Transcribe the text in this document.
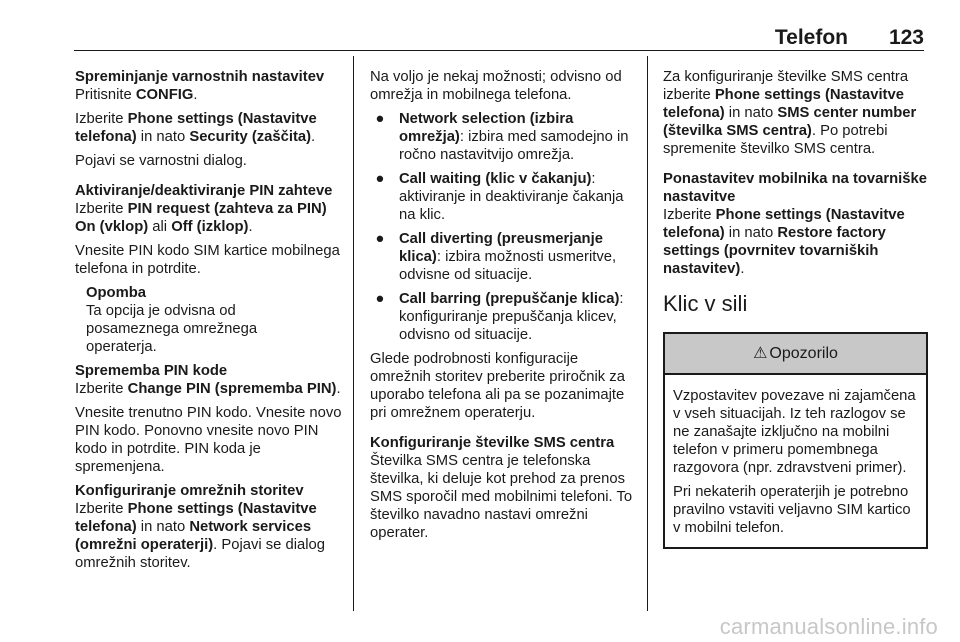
Telefon 123
Spreminjanje varnostnih nastavitev

Pritisnite CONFIG.

Izberite Phone settings (Nastavitve telefona) in nato Security (zaščita).

Pojavi se varnostni dialog.

Aktiviranje/deaktiviranje PIN zahteve

Izberite PIN request (zahteva za PIN) On (vklop) ali Off (izklop).

Vnesite PIN kodo SIM kartice mobilnega telefona in potrdite.

Opomba
Ta opcija je odvisna od posameznega omrežnega operaterja.
Sprememba PIN kode

Izberite Change PIN (sprememba PIN).

Vnesite trenutno PIN kodo. Vnesite novo PIN kodo. Ponovno vnesite novo PIN kodo in potrdite. PIN koda je spremenjena.

Konfiguriranje omrežnih storitev

Izberite Phone settings (Nastavitve telefona) in nato Network services (omrežni operaterji). Pojavi se dialog omrežnih storitev.

Na voljo je nekaj možnosti; odvisno od omrežja in mobilnega telefona.

● Network selection (izbira omrežja): izbira med samodejno in ročno nastavitvijo omrežja.
● Call waiting (klic v čakanju): aktiviranje in deaktiviranje čakanja na klic.
● Call diverting (preusmerjanje klica): izbira možnosti usmeritve, odvisne od situacije.
● Call barring (prepuščanje klica): konfiguriranje prepuščanja klicev, odvisno od situacije.

Glede podrobnosti konfiguracije omrežnih storitev preberite priročnik za uporabo telefona ali pa se pozanimajte pri omrežnem operaterju.

Konfiguriranje številke SMS centra

Številka SMS centra je telefonska številka, ki deluje kot prehod za prenos SMS sporočil med mobilnimi telefoni. To številko navadno nastavi omrežni operater.

Za konfiguriranje številke SMS centra izberite Phone settings (Nastavitve telefona) in nato SMS center number (številka SMS centra). Po potrebi spremenite številko SMS centra.

Ponastavitev mobilnika na tovarniške nastavitve

Izberite Phone settings (Nastavitve telefona) in nato Restore factory settings (povrnitev tovarniških nastavitev).

Klic v sili
⚠ Opozorilo

Vzpostavitev povezave ni zajamčena v vseh situacijah. Iz teh razlogov se ne zanašajte izključno na mobilni telefon v primeru pomembnega razgovora (npr. zdravstveni primer).

Pri nekaterih operaterjih je potrebno pravilno vstaviti veljavno SIM kartico v mobilni telefon.

carmanualsonline.info
